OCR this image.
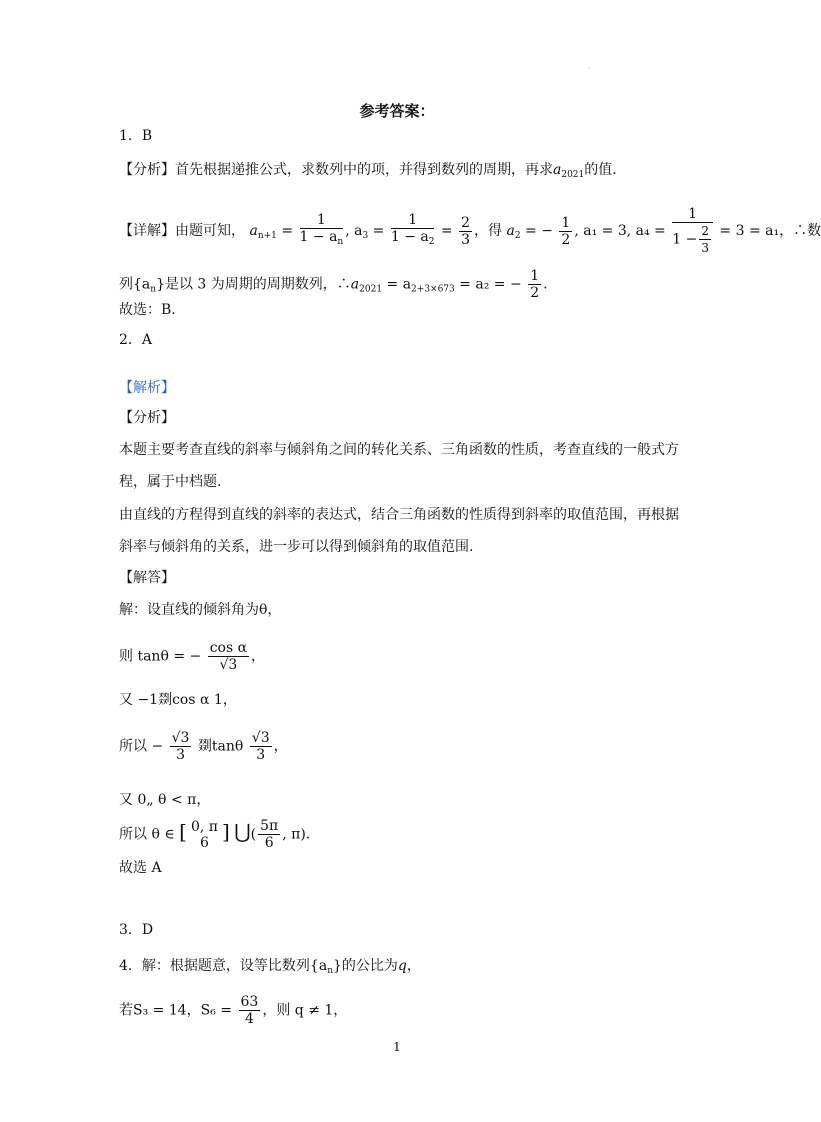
·
参考答案：
1．B
【分析】首先根据递推公式，求数列中的项，并得到数列的周期，再求$a_{2021}$的值.
【详解】由题可知， $a_{n+1} = \frac{1}{1 - a_n}$ , $a_3 = \frac{1}{1 - a_2} = \frac{2}{3}$ ，得 $a_2$ = − $\frac{1}{2}$ , a₁ = 3, $a_4 = \frac{1}{1 - \frac{2}{3}} = 3 = a_1$，∴数
列$\{a_n\}$是以 3 为周期的周期数列，$\therefore a_{2021} = a_{2+3\times 673} = a_2$ = − $\frac{1}{2}$ .
故选：B.
2．A
【解析】
【分析】
本题主要考查直线的斜率与倾斜角之间的转化关系、三角函数的性质，考查直线的一般式方
程，属于中档题.
由直线的方程得到直线的斜率的表达式，结合三角函数的性质得到斜率的取值范围，再根据
斜率与倾斜角的关系，进一步可以得到倾斜角的取值范围.
【解答】
解：设直线的倾斜角为θ，
则 tanθ = − $\frac{\text{cos α}}{√3}$ ，
又 −1剟cos α 1，
所以 − $\frac{√3}{3}$ 剟tanθ $\frac{√3}{3}$ ，
又 0„ θ < π，
所以 θ ∈ [ 0, π
6 ] ⋃( $\frac{5\pi}{6}$ , π).
故选 A
3．D
4．解：根据题意，设等比数列$\{a_n\}$的公比为q，
若S₃ = 14，$S_6 = \frac{63}{4}$ ，则 q ≠ 1，
1
